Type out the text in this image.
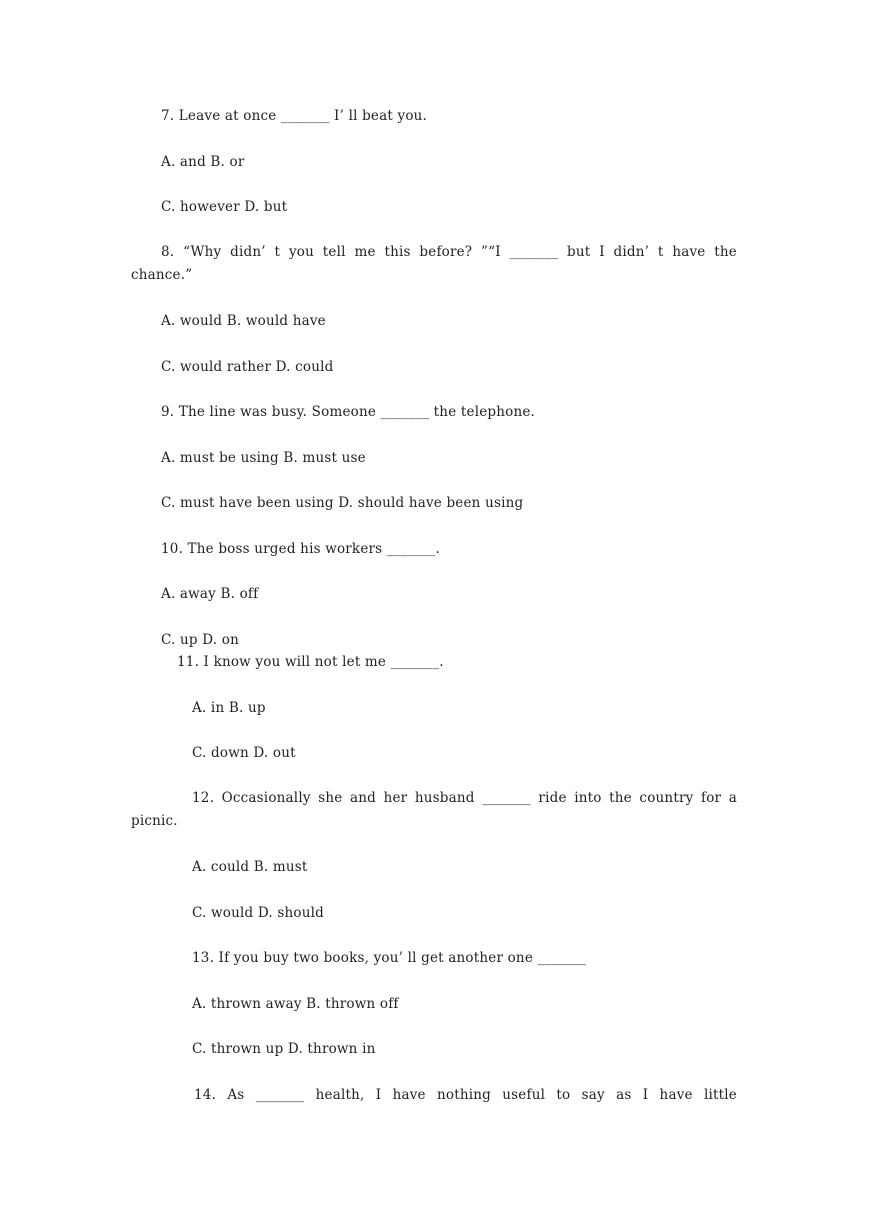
7. Leave at once _______ I’ ll beat you.
A. and B. or
C. however D. but
8. “Why didn’ t you tell me this before? ”“I _______ but I didn’ t have the
chance.”
A. would B. would have
C. would rather D. could
9. The line was busy. Someone _______ the telephone.
A. must be using B. must use
C. must have been using D. should have been using
10. The boss urged his workers _______.
A. away B. off
C. up D. on
11. I know you will not let me _______.
A. in B. up
C. down D. out
12. Occasionally she and her husband _______ ride into the country for a
picnic.
A. could B. must
C. would D. should
13. If you buy two books, you’ ll get another one _______
A. thrown away B. thrown off
C. thrown up D. thrown in
14. As _______ health, I have nothing useful to say as I have little
